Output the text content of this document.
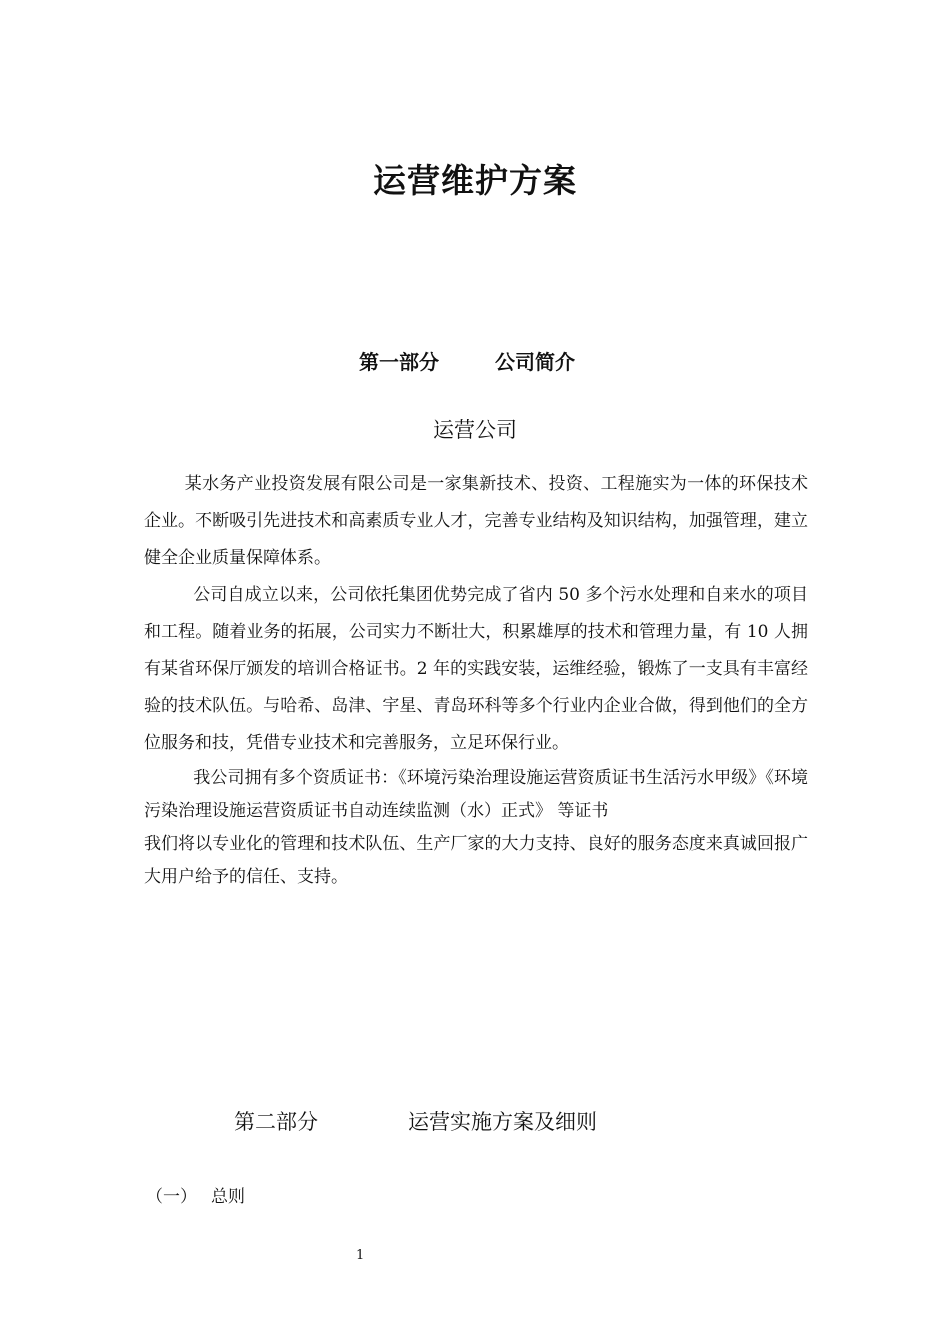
运营维护方案
第一部分	公司简介
运营公司

某水务产业投资发展有限公司是一家集新技术、投资、工程施实为一体的环保技术企业。不断吸引先进技术和高素质专业人才，完善专业结构及知识结构，加强管理，建立健全企业质量保障体系。

公司自成立以来，公司依托集团优势完成了省内 50 多个污水处理和自来水的项目和工程。随着业务的拓展，公司实力不断壮大，积累雄厚的技术和管理力量，有 10 人拥有某省环保厅颁发的培训合格证书。2 年的实践安装，运维经验，锻炼了一支具有丰富经验的技术队伍。与哈希、岛津、宇星、青岛环科等多个行业内企业合做，得到他们的全方位服务和技，凭借专业技术和完善服务，立足环保行业。

我公司拥有多个资质证书：《环境污染治理设施运营资质证书生活污水甲级》《环境污染治理设施运营资质证书自动连续监测（水）正式》 等证书

我们将以专业化的管理和技术队伍、生产厂家的大力支持、良好的服务态度来真诚回报广大用户给予的信任、支持。

第二部分	运营实施方案及细则
（一） 总则
1
